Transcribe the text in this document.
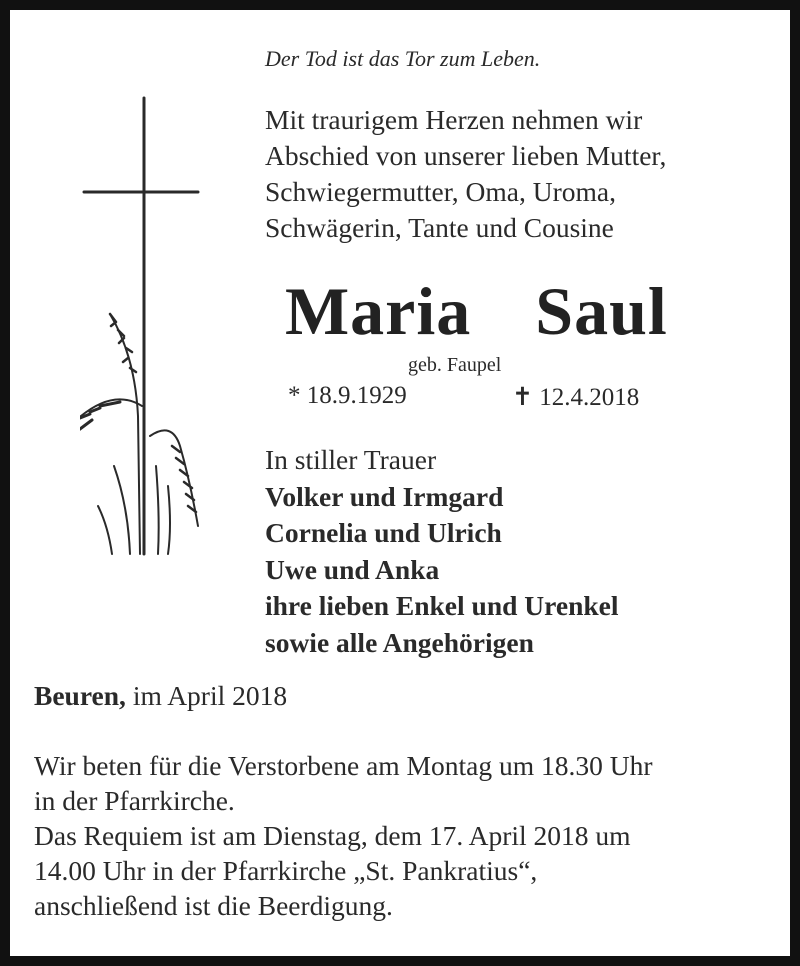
Der Tod ist das Tor zum Leben.
Mit traurigem Herzen nehmen wir
Abschied von unserer lieben Mutter,
Schwiegermutter, Oma, Uroma,
Schwägerin, Tante und Cousine
Maria  Saul
geb. Faupel
* 18.9.1929	✝ 12.4.2018
In stiller Trauer
Volker und Irmgard
Cornelia und Ulrich
Uwe und Anka
ihre lieben Enkel und Urenkel
sowie alle Angehörigen
Beuren, im April 2018
Wir beten für die Verstorbene am Montag um 18.30 Uhr
in der Pfarrkirche.
Das Requiem ist am Dienstag, dem 17. April 2018 um
14.00 Uhr in der Pfarrkirche „St. Pankratius“,
anschließend ist die Beerdigung.
